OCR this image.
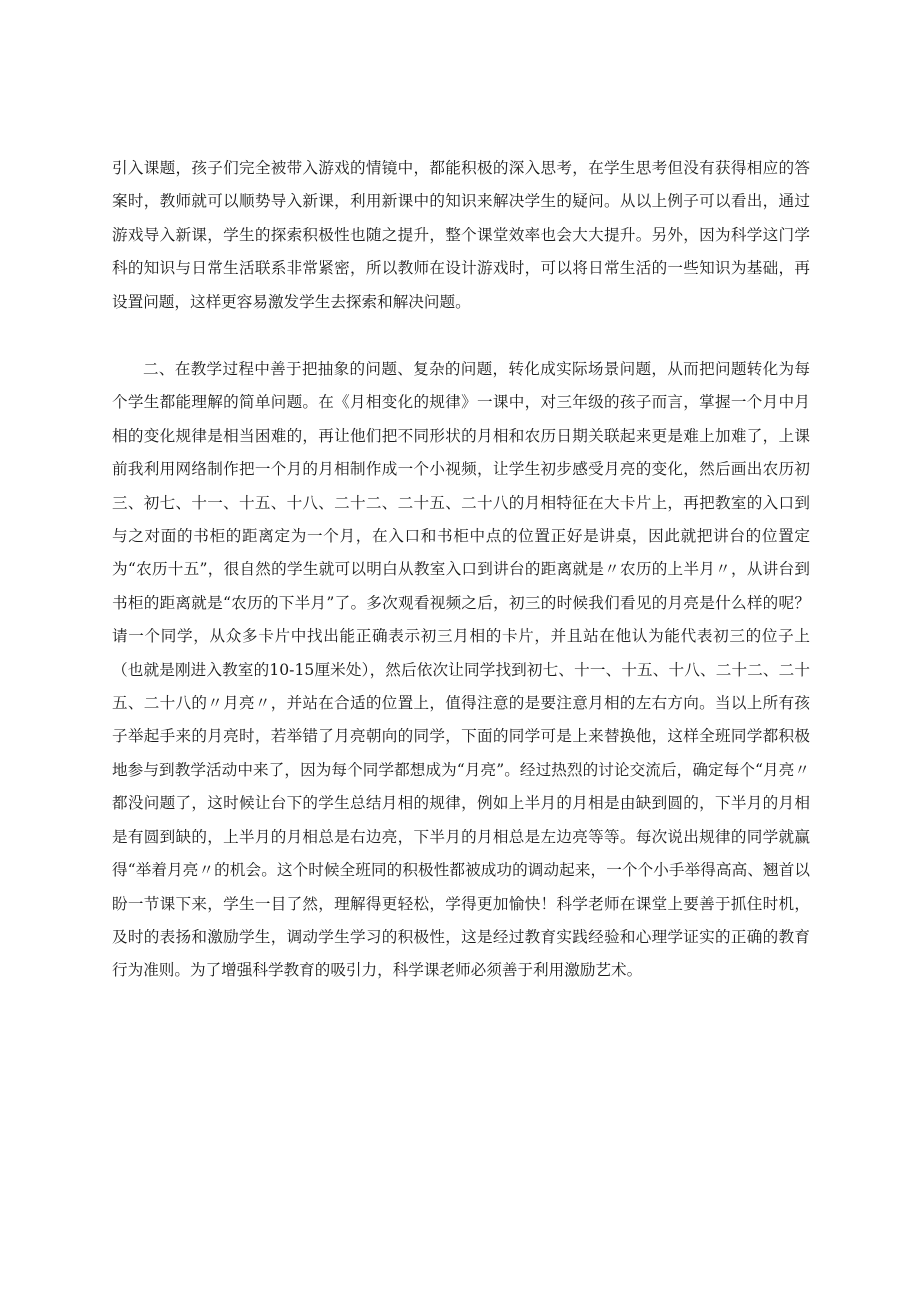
引入课题，孩子们完全被带入游戏的情镜中，都能积极的深入思考，在学生思考但没有获得相应的答案时，教师就可以顺势导入新课，利用新课中的知识来解决学生的疑问。从以上例子可以看出，通过游戏导入新课，学生的探索积极性也随之提升，整个课堂效率也会大大提升。另外，因为科学这门学科的知识与日常生活联系非常紧密，所以教师在设计游戏时，可以将日常生活的一些知识为基础，再设置问题，这样更容易激发学生去探索和解决问题。

二、在教学过程中善于把抽象的问题、复杂的问题，转化成实际场景问题，从而把问题转化为每个学生都能理解的简单问题。在《月相变化的规律》一课中，对三年级的孩子而言，掌握一个月中月相的变化规律是相当困难的，再让他们把不同形状的月相和农历日期关联起来更是难上加难了，上课前我利用网络制作把一个月的月相制作成一个小视频，让学生初步感受月亮的变化，然后画出农历初三、初七、十一、十五、十八、二十二、二十五、二十八的月相特征在大卡片上，再把教室的入口到与之对面的书柜的距离定为一个月，在入口和书柜中点的位置正好是讲桌，因此就把讲台的位置定为“农历十五”，很自然的学生就可以明白从教室入口到讲台的距离就是〃农历的上半月〃，从讲台到书柜的距离就是“农历的下半月”了。多次观看视频之后，初三的时候我们看见的月亮是什么样的呢？请一个同学，从众多卡片中找出能正确表示初三月相的卡片，并且站在他认为能代表初三的位子上（也就是刚进入教室的10-15厘米处），然后依次让同学找到初七、十一、十五、十八、二十二、二十五、二十八的〃月亮〃，并站在合适的位置上，值得注意的是要注意月相的左右方向。当以上所有孩子举起手来的月亮时，若举错了月亮朝向的同学，下面的同学可是上来替换他，这样全班同学都积极地参与到教学活动中来了，因为每个同学都想成为“月亮”。经过热烈的讨论交流后，确定每个“月亮〃都没问题了，这时候让台下的学生总结月相的规律，例如上半月的月相是由缺到圆的，下半月的月相是有圆到缺的，上半月的月相总是右边亮，下半月的月相总是左边亮等等。每次说出规律的同学就赢得“举着月亮〃的机会。这个时候全班同的积极性都被成功的调动起来，一个个小手举得高高、翘首以盼一节课下来，学生一目了然，理解得更轻松，学得更加愉快！科学老师在课堂上要善于抓住时机，及时的表扬和激励学生，调动学生学习的积极性，这是经过教育实践经验和心理学证实的正确的教育行为准则。为了增强科学教育的吸引力，科学课老师必须善于利用激励艺术。
